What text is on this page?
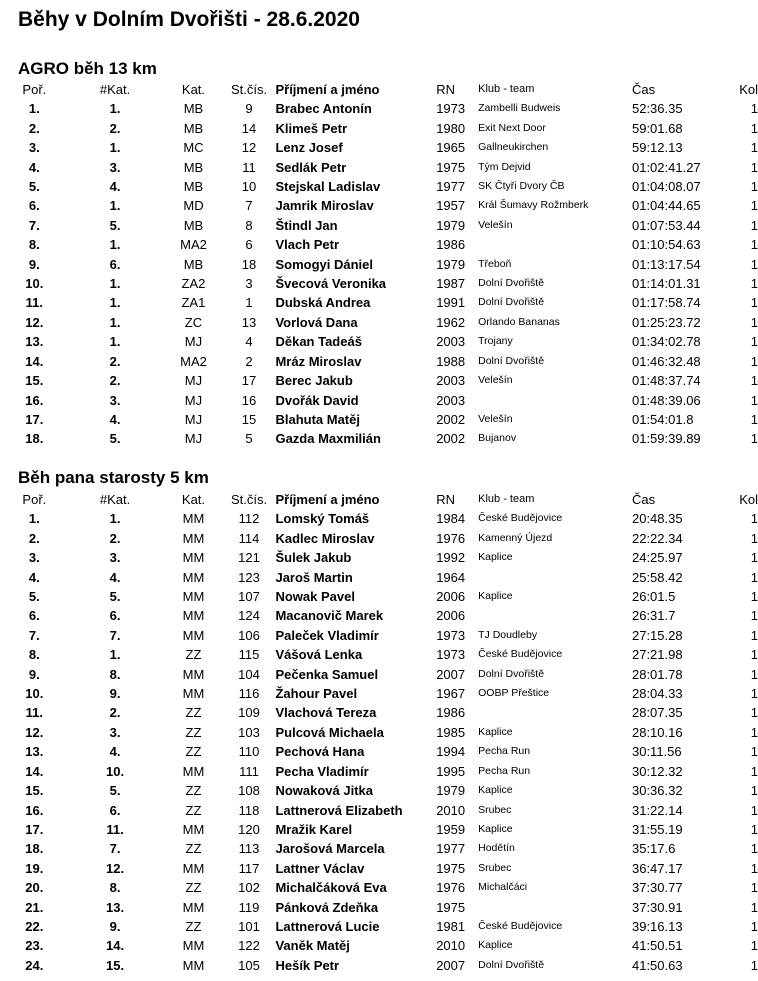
Běhy v Dolním Dvořišti - 28.6.2020
AGRO běh 13 km
Poř.	#Kat.	Kat.	St.čís.	Příjmení a jméno	RN	Klub - team	Čas	Kol
1.	1.	MB	9	Brabec Antonín	1973	Zambelli Budweis	52:36.35	1
2.	2.	MB	14	Klimeš Petr	1980	Exit Next Door	59:01.68	1
3.	1.	MC	12	Lenz Josef	1965	Gallneukirchen	59:12.13	1
4.	3.	MB	11	Sedlák Petr	1975	Tým Dejvid	01:02:41.27	1
5.	4.	MB	10	Stejskal Ladislav	1977	SK Čtyři Dvory ČB	01:04:08.07	1
6.	1.	MD	7	Jamrik Miroslav	1957	Král Šumavy Rožmberk	01:04:44.65	1
7.	5.	MB	8	Štindl Jan	1979	Velešín	01:07:53.44	1
8.	1.	MA2	6	Vlach Petr	1986		01:10:54.63	1
9.	6.	MB	18	Somogyi Dániel	1979	Třeboň	01:13:17.54	1
10.	1.	ZA2	3	Švecová Veronika	1987	Dolní Dvořiště	01:14:01.31	1
11.	1.	ZA1	1	Dubská Andrea	1991	Dolní Dvořiště	01:17:58.74	1
12.	1.	ZC	13	Vorlová Dana	1962	Orlando Bananas	01:25:23.72	1
13.	1.	MJ	4	Děkan Tadeáš	2003	Trojany	01:34:02.78	1
14.	2.	MA2	2	Mráz Miroslav	1988	Dolní Dvořiště	01:46:32.48	1
15.	2.	MJ	17	Berec Jakub	2003	Velešín	01:48:37.74	1
16.	3.	MJ	16	Dvořák David	2003		01:48:39.06	1
17.	4.	MJ	15	Blahuta Matěj	2002	Velešín	01:54:01.8	1
18.	5.	MJ	5	Gazda Maxmilián	2002	Bujanov	01:59:39.89	1
Běh pana starosty 5 km
Poř.	#Kat.	Kat.	St.čís.	Příjmení a jméno	RN	Klub - team	Čas	Kol
1.	1.	MM	112	Lomský Tomáš	1984	České Budějovice	20:48.35	1
2.	2.	MM	114	Kadlec Miroslav	1976	Kamenný Újezd	22:22.34	1
3.	3.	MM	121	Šulek Jakub	1992	Kaplice	24:25.97	1
4.	4.	MM	123	Jaroš Martin	1964		25:58.42	1
5.	5.	MM	107	Nowak Pavel	2006	Kaplice	26:01.5	1
6.	6.	MM	124	Macanovič Marek	2006		26:31.7	1
7.	7.	MM	106	Paleček Vladimír	1973	TJ Doudleby	27:15.28	1
8.	1.	ZZ	115	Vášová Lenka	1973	České Budějovice	27:21.98	1
9.	8.	MM	104	Pečenka Samuel	2007	Dolní Dvořiště	28:01.78	1
10.	9.	MM	116	Žahour Pavel	1967	OOBP Přeštice	28:04.33	1
11.	2.	ZZ	109	Vlachová Tereza	1986		28:07.35	1
12.	3.	ZZ	103	Pulcová Michaela	1985	Kaplice	28:10.16	1
13.	4.	ZZ	110	Pechová Hana	1994	Pecha Run	30:11.56	1
14.	10.	MM	111	Pecha Vladimír	1995	Pecha Run	30:12.32	1
15.	5.	ZZ	108	Nowaková Jitka	1979	Kaplice	30:36.32	1
16.	6.	ZZ	118	Lattnerová Elizabeth	2010	Srubec	31:22.14	1
17.	11.	MM	120	Mražik Karel	1959	Kaplice	31:55.19	1
18.	7.	ZZ	113	Jarošová Marcela	1977	Hodětín	35:17.6	1
19.	12.	MM	117	Lattner Václav	1975	Srubec	36:47.17	1
20.	8.	ZZ	102	Michalčáková Eva	1976	Michalčáci	37:30.77	1
21.	13.	MM	119	Pánková Zdeňka	1975		37:30.91	1
22.	9.	ZZ	101	Lattnerová Lucie	1981	České Budějovice	39:16.13	1
23.	14.	MM	122	Vaněk Matěj	2010	Kaplice	41:50.51	1
24.	15.	MM	105	Hešík Petr	2007	Dolní Dvořiště	41:50.63	1
